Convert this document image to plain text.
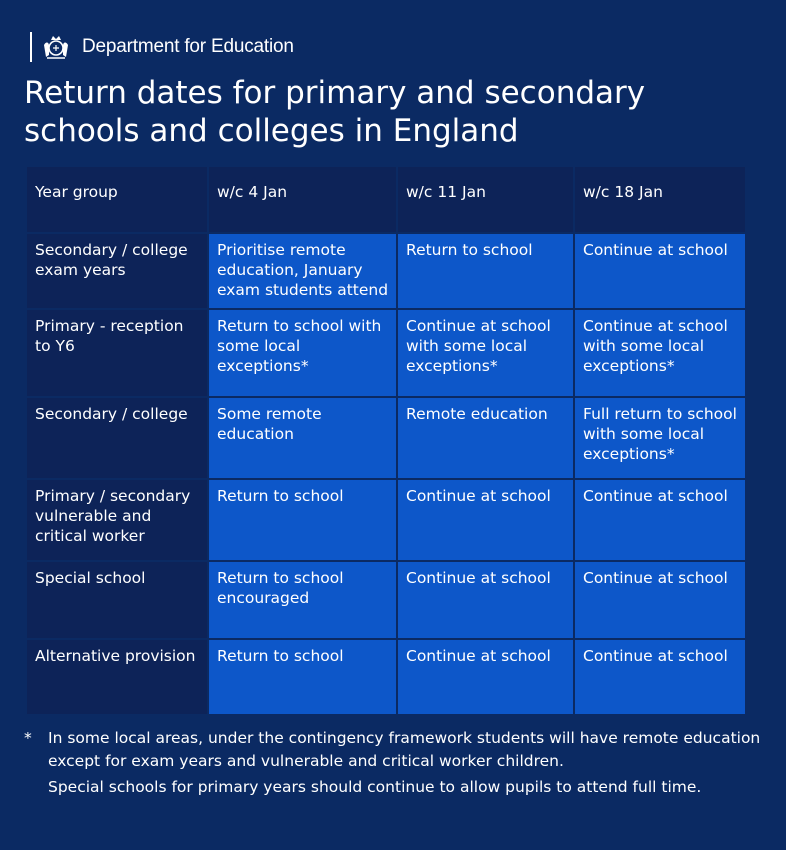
Department for Education
Return dates for primary and secondary schools and colleges in England
Year group	w/c 4 Jan	w/c 11 Jan	w/c 18 Jan
Secondary / college exam years	Prioritise remote education, January exam students attend	Return to school	Continue at school
Primary - reception to Y6	Return to school with some local exceptions*	Continue at school with some local exceptions*	Continue at school with some local exceptions*
Secondary / college	Some remote education	Remote education	Full return to school with some local exceptions*
Primary / secondary vulnerable and critical worker	Return to school	Continue at school	Continue at school
Special school	Return to school encouraged	Continue at school	Continue at school
Alternative provision	Return to school	Continue at school	Continue at school
*	In some local areas, under the contingency framework students will have remote education except for exam years and vulnerable and critical worker children.
Special schools for primary years should continue to allow pupils to attend full time.
